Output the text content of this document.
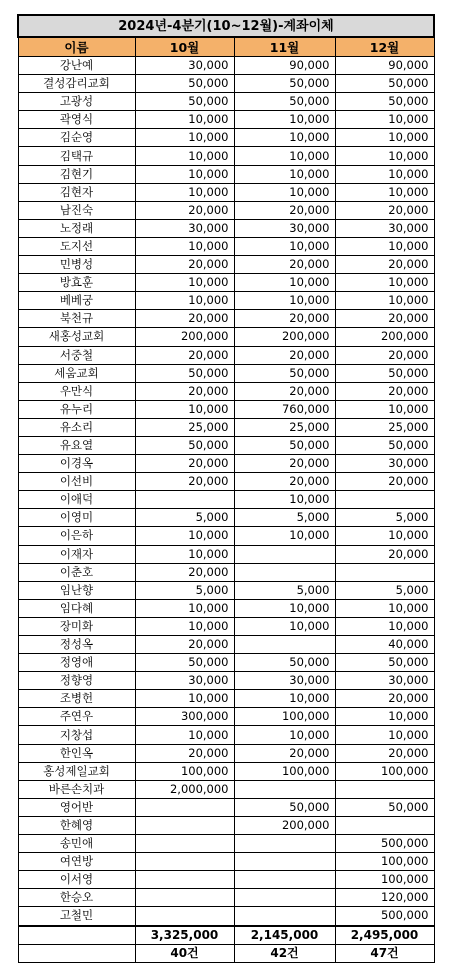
2024년-4분기(10~12월)-계좌이체			
이름	10월	11월	12월
강난예	30,000	90,000	90,000
결성감리교회	50,000	50,000	50,000
고광성	50,000	50,000	50,000
곽영식	10,000	10,000	10,000
김순영	10,000	10,000	10,000
김택규	10,000	10,000	10,000
김현기	10,000	10,000	10,000
김현자	10,000	10,000	10,000
남진숙	20,000	20,000	20,000
노정래	30,000	30,000	30,000
도지선	10,000	10,000	10,000
민병성	20,000	20,000	20,000
방효훈	10,000	10,000	10,000
베베궁	10,000	10,000	10,000
북천규	20,000	20,000	20,000
새홍성교회	200,000	200,000	200,000
서중철	20,000	20,000	20,000
세움교회	50,000	50,000	50,000
우만식	20,000	20,000	20,000
유누리	10,000	760,000	10,000
유소리	25,000	25,000	25,000
유요열	50,000	50,000	50,000
이경옥	20,000	20,000	30,000
이선비	20,000	20,000	20,000
이애덕		10,000	
이영미	5,000	5,000	5,000
이은하	10,000	10,000	10,000
이재자	10,000		20,000
이춘호	20,000		
임난향	5,000	5,000	5,000
임다혜	10,000	10,000	10,000
장미화	10,000	10,000	10,000
정성옥	20,000		40,000
정영애	50,000	50,000	50,000
정향영	30,000	30,000	30,000
조병헌	10,000	10,000	20,000
주연우	300,000	100,000	10,000
지창섭	10,000	10,000	10,000
한인옥	20,000	20,000	20,000
홍성제일교회	100,000	100,000	100,000
바른손치과	2,000,000		
영어반		50,000	50,000
한혜영		200,000	
송민애			500,000
여연방			100,000
이서영			100,000
한승오			120,000
고철민			500,000
	3,325,000	2,145,000	2,495,000
	40건	42건	47건
